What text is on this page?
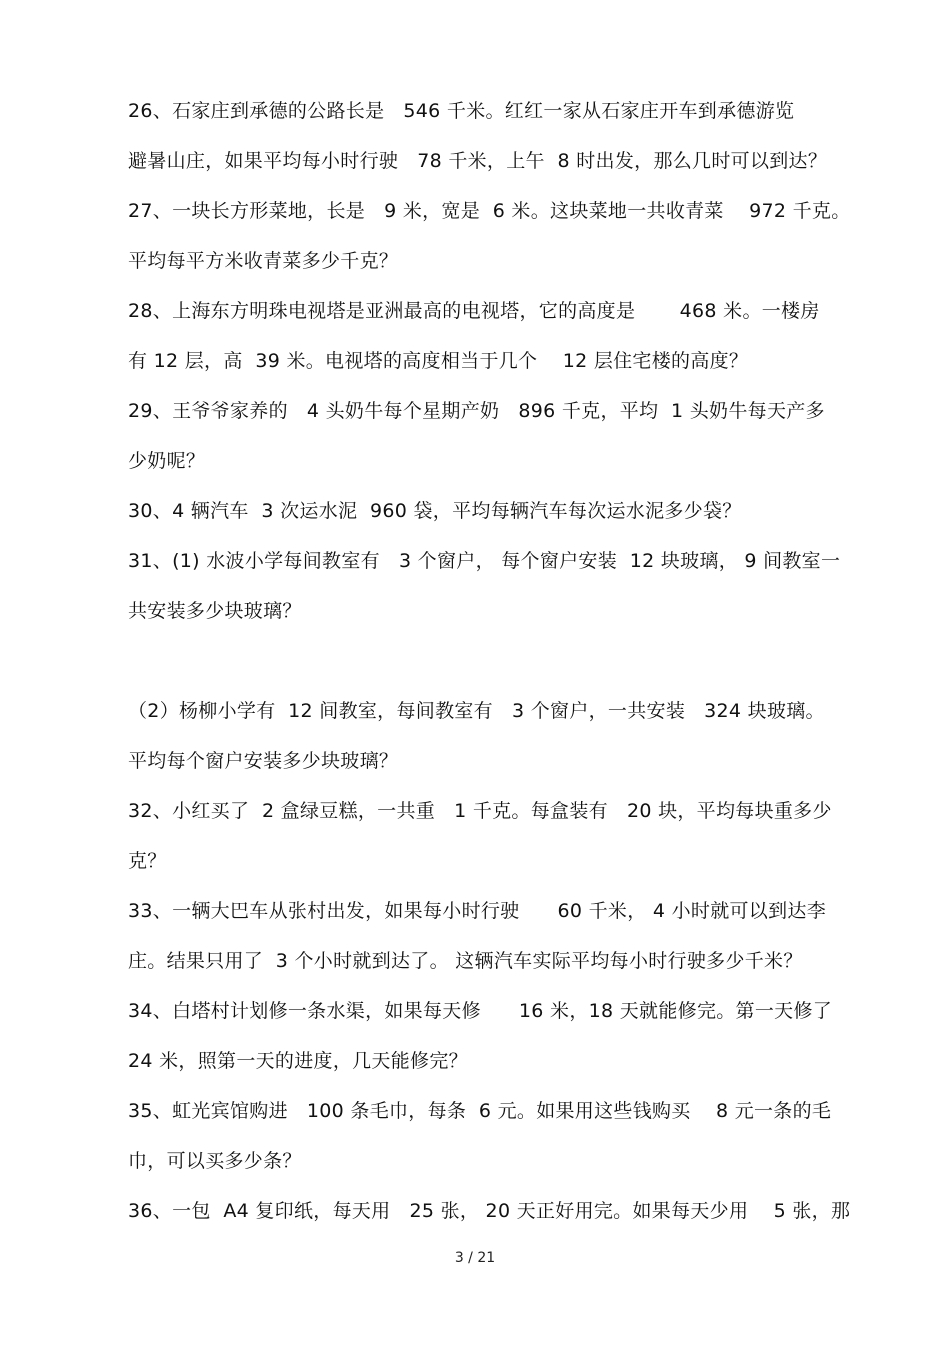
26、石家庄到承德的公路长是   546 千米。红红一家从石家庄开车到承德游览
避暑山庄，如果平均每小时行驶   78 千米，上午  8 时出发，那么几时可以到达？
27、一块长方形菜地，长是   9 米，宽是  6 米。这块菜地一共收青菜    972 千克。
平均每平方米收青菜多少千克？
28、上海东方明珠电视塔是亚洲最高的电视塔，它的高度是       468 米。一楼房
有 12 层，高  39 米。电视塔的高度相当于几个    12 层住宅楼的高度？
29、王爷爷家养的   4 头奶牛每个星期产奶   896 千克，平均  1 头奶牛每天产多
少奶呢？
30、4 辆汽车  3 次运水泥  960 袋，平均每辆汽车每次运水泥多少袋？
31、(1) 水波小学每间教室有   3 个窗户， 每个窗户安装  12 块玻璃， 9 间教室一
共安装多少块玻璃？
（2）杨柳小学有  12 间教室，每间教室有   3 个窗户，一共安装   324 块玻璃。
平均每个窗户安装多少块玻璃？
32、小红买了  2 盒绿豆糕，一共重   1 千克。每盒装有   20 块，平均每块重多少
克？
33、一辆大巴车从张村出发，如果每小时行驶      60 千米， 4 小时就可以到达李
庄。结果只用了  3 个小时就到达了。 这辆汽车实际平均每小时行驶多少千米？
34、白塔村计划修一条水渠，如果每天修      16 米，18 天就能修完。第一天修了
24 米，照第一天的进度，几天能修完？
35、虹光宾馆购进   100 条毛巾，每条  6 元。如果用这些钱购买    8 元一条的毛
巾，可以买多少条？
36、一包  A4 复印纸，每天用   25 张， 20 天正好用完。如果每天少用    5 张，那
3 / 21
